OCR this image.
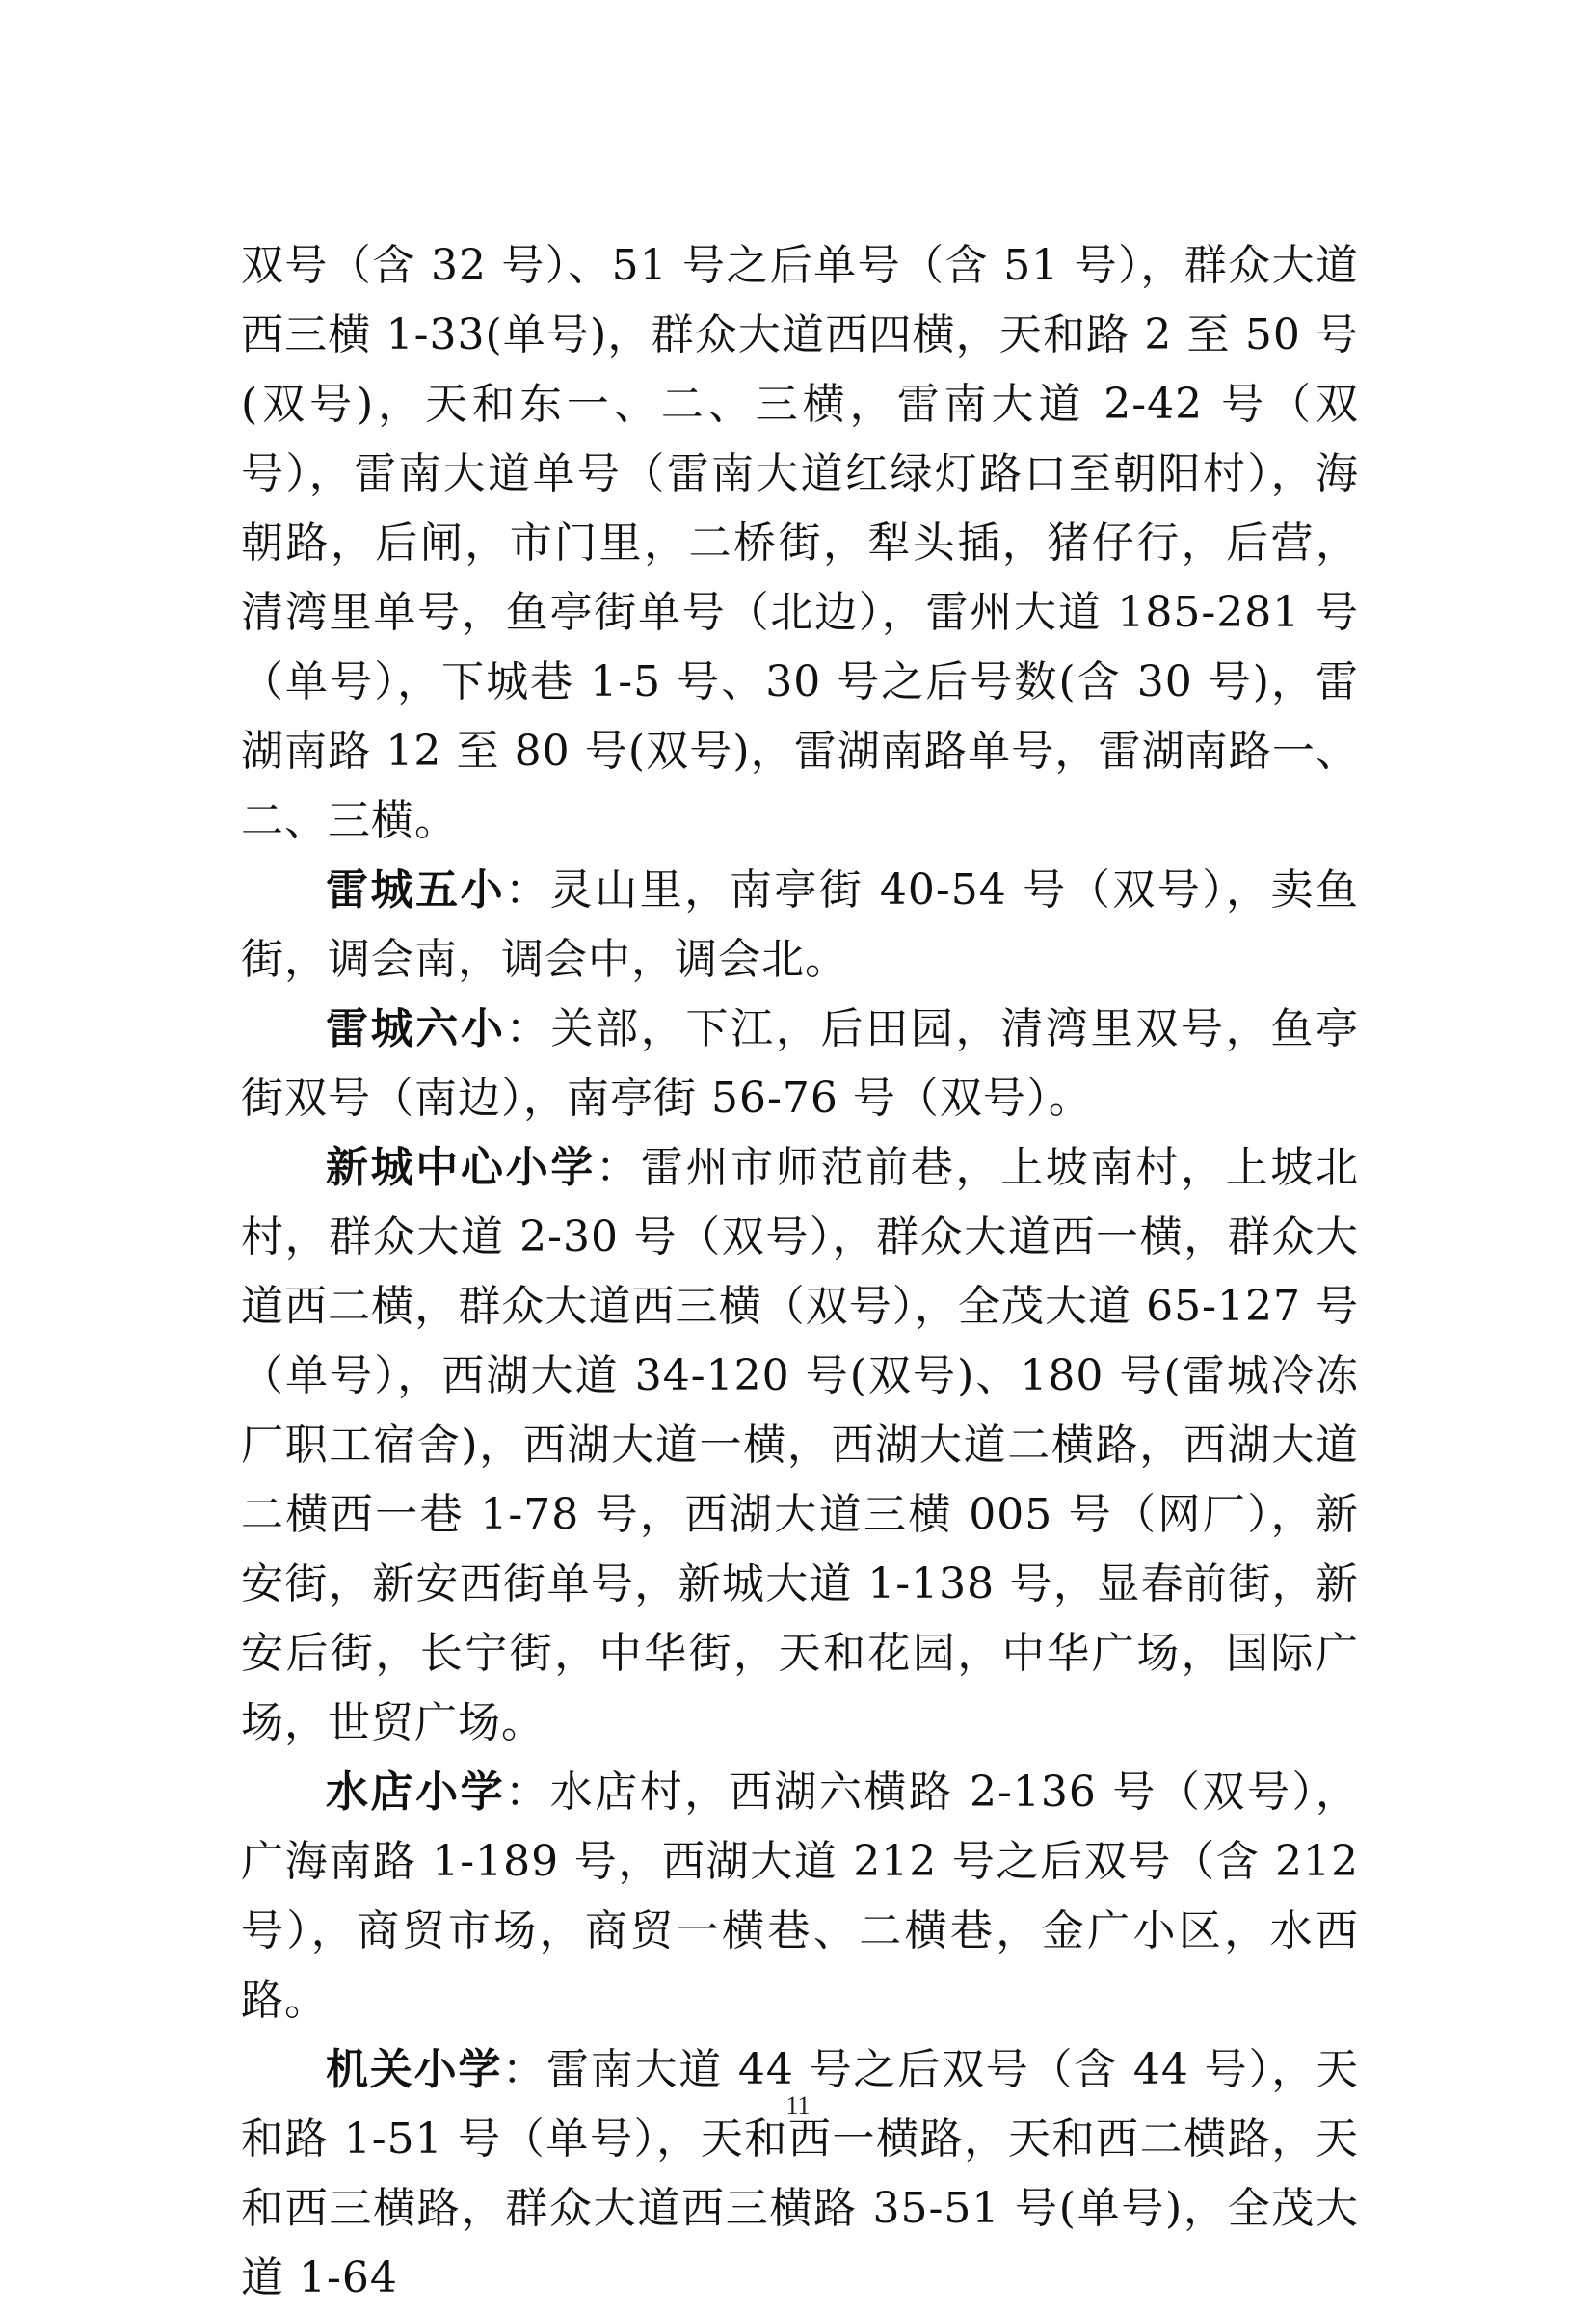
双号（含 32 号）、51 号之后单号（含 51 号），群众大道西三横 1-33(单号)，群众大道西四横，天和路 2 至 50 号(双号)，天和东一、二、三横，雷南大道 2-42 号（双号），雷南大道单号（雷南大道红绿灯路口至朝阳村），海朝路，后闸，市门里，二桥街，犁头插，猪仔行，后营，清湾里单号，鱼亭街单号（北边），雷州大道 185-281 号（单号），下城巷 1-5 号、30 号之后号数(含 30 号)，雷湖南路 12 至 80 号(双号)，雷湖南路单号，雷湖南路一、二、三横。

雷城五小：灵山里，南亭街 40-54 号（双号），卖鱼街，调会南，调会中，调会北。

雷城六小：关部，下江，后田园，清湾里双号，鱼亭街双号（南边），南亭街 56-76 号（双号）。

新城中心小学：雷州市师范前巷，上坡南村，上坡北村，群众大道 2-30 号（双号），群众大道西一横，群众大道西二横，群众大道西三横（双号），全茂大道 65-127 号（单号），西湖大道 34-120 号(双号)、180 号(雷城冷冻厂职工宿舍)，西湖大道一横，西湖大道二横路，西湖大道二横西一巷 1-78 号，西湖大道三横 005 号（网厂），新安街，新安西街单号，新城大道 1-138 号，显春前街，新安后街，长宁街，中华街，天和花园，中华广场，国际广场，世贸广场。

水店小学：水店村，西湖六横路 2-136 号（双号），广海南路 1-189 号，西湖大道 212 号之后双号（含 212 号），商贸市场，商贸一横巷、二横巷，金广小区，水西路。

机关小学：雷南大道 44 号之后双号（含 44 号），天和路 1-51 号（单号），天和西一横路，天和西二横路，天和西三横路，群众大道西三横路 35-51 号(单号)，全茂大道 1-64

11
